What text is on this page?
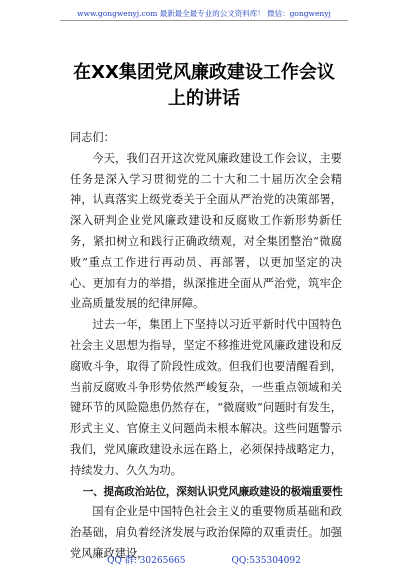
www.gongwenyj.com 最新最全最专业的公文资料库！ 微信：gongwenyj
在XX集团党风廉政建设工作会议上的讲话

同志们：

今天，我们召开这次党风廉政建设工作会议，主要任务是深入学习贯彻党的二十大和二十届历次全会精神，认真落实上级党委关于全面从严治党的决策部署，深入研判企业党风廉政建设和反腐败工作新形势新任务，紧扣树立和践行正确政绩观，对全集团整治“微腐败”重点工作进行再动员、再部署，以更加坚定的决心、更加有力的举措，纵深推进全面从严治党，筑牢企业高质量发展的纪律屏障。

过去一年，集团上下坚持以习近平新时代中国特色社会主义思想为指导，坚定不移推进党风廉政建设和反腐败斗争，取得了阶段性成效。但我们也要清醒看到，当前反腐败斗争形势依然严峻复杂，一些重点领域和关键环节的风险隐患仍然存在，“微腐败”问题时有发生，形式主义、官僚主义问题尚未根本解决。这些问题警示我们，党风廉政建设永远在路上，必须保持战略定力，持续发力、久久为功。

一、提高政治站位，深刻认识党风廉政建设的极端重要性

国有企业是中国特色社会主义的重要物质基础和政治基础，肩负着经济发展与政治保障的双重责任。加强党风廉政建设，

QQ 群: 30265665	QQ:535304092
